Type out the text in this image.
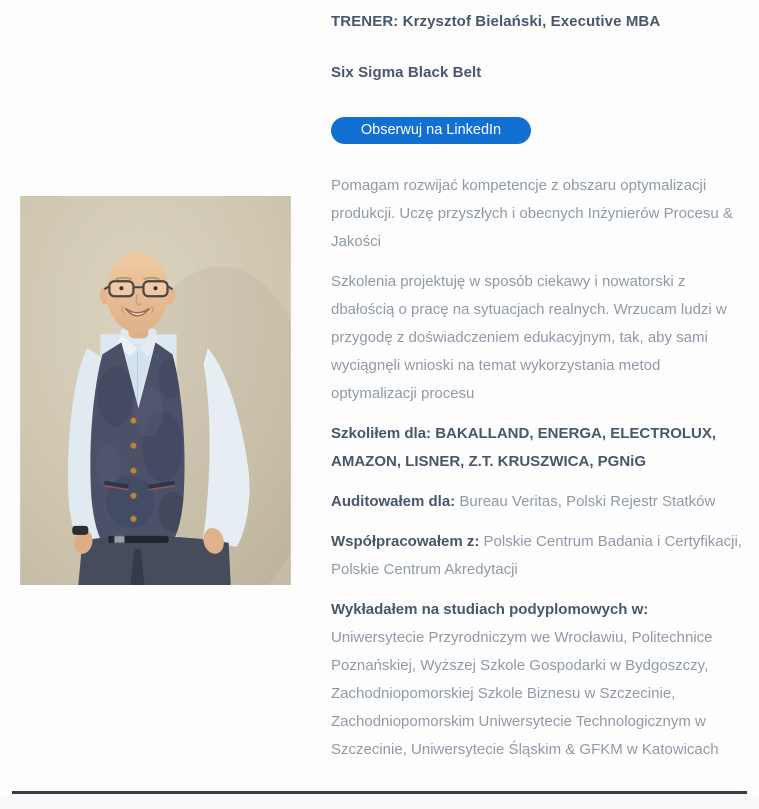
TRENER: Krzysztof Bielański, Executive MBA
Six Sigma Black Belt
Obserwuj na LinkedIn

Pomagam rozwijać kompetencje z obszaru optymalizacji produkcji. Uczę przyszłych i obecnych Inżynierów Procesu & Jakości

Szkolenia projektuję w sposób ciekawy i nowatorski z dbałością o pracę na sytuacjach realnych. Wrzucam ludzi w przygodę z doświadczeniem edukacyjnym, tak, aby sami wyciągnęli wnioski na temat wykorzystania metod optymalizacji procesu

Szkoliłem dla: BAKALLAND, ENERGA, ELECTROLUX, AMAZON, LISNER, Z.T. KRUSZWICA, PGNiG

Auditowałem dla: Bureau Veritas, Polski Rejestr Statków

Współpracowałem z: Polskie Centrum Badania i Certyfikacji, Polskie Centrum Akredytacji

Wykładałem na studiach podyplomowych w: Uniwersytecie Przyrodniczym we Wrocławiu, Politechnice Poznańskiej, Wyższej Szkole Gospodarki w Bydgoszczy, Zachodniopomorskiej Szkole Biznesu w Szczecinie, Zachodniopomorskim Uniwersytecie Technologicznym w Szczecinie, Uniwersytecie Śląskim & GFKM w Katowicach
